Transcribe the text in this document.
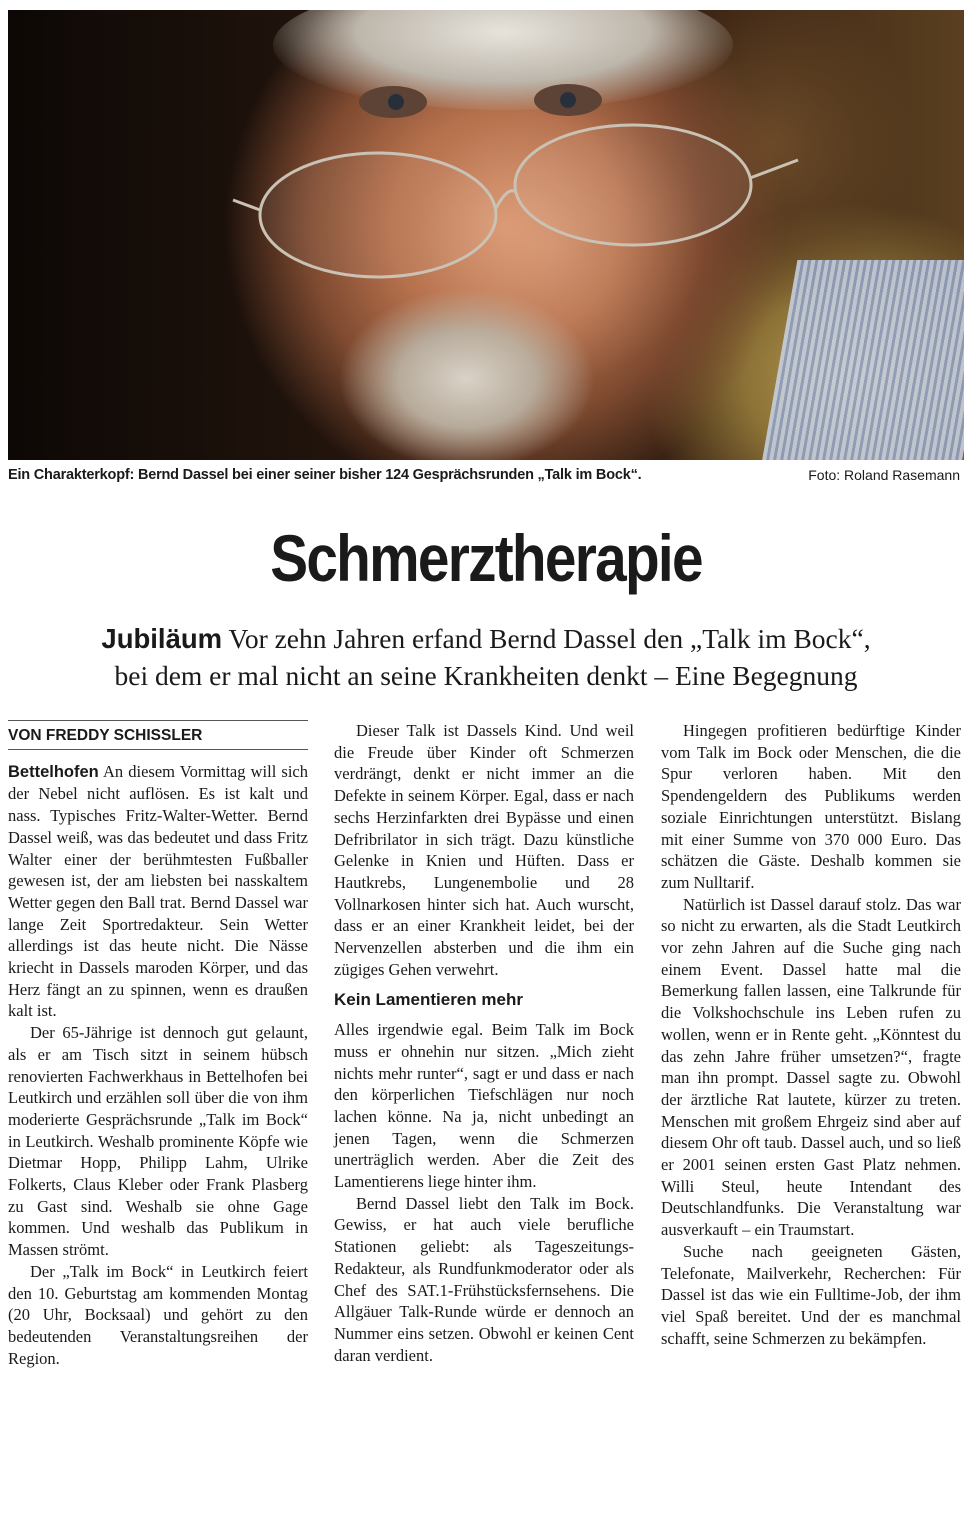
Ein Charakterkopf: Bernd Dassel bei einer seiner bisher 124 Gesprächsrunden „Talk im Bock“.	Foto: Roland Rasemann
Schmerztherapie
Jubiläum Vor zehn Jahren erfand Bernd Dassel den „Talk im Bock“,
bei dem er mal nicht an seine Krankheiten denkt – Eine Begegnung
VON FREDDY SCHISSLER

Bettelhofen An diesem Vormittag will sich der Nebel nicht auflösen. Es ist kalt und nass. Typisches Fritz-Walter-Wetter. Bernd Dassel weiß, was das bedeutet und dass Fritz Walter einer der berühmtesten Fußballer gewesen ist, der am liebsten bei nasskaltem Wetter gegen den Ball trat. Bernd Dassel war lange Zeit Sportredakteur. Sein Wetter allerdings ist das heute nicht. Die Nässe kriecht in Dassels maroden Körper, und das Herz fängt an zu spinnen, wenn es draußen kalt ist.

Der 65-Jährige ist dennoch gut gelaunt, als er am Tisch sitzt in seinem hübsch renovierten Fachwerkhaus in Bettelhofen bei Leutkirch und erzählen soll über die von ihm moderierte Gesprächsrunde „Talk im Bock“ in Leutkirch. Weshalb prominente Köpfe wie Dietmar Hopp, Philipp Lahm, Ulrike Folkerts, Claus Kleber oder Frank Plasberg zu Gast sind. Weshalb sie ohne Gage kommen. Und weshalb das Publikum in Massen strömt.

Der „Talk im Bock“ in Leutkirch feiert den 10. Geburtstag am kommenden Montag (20 Uhr, Bocksaal) und gehört zu den bedeutenden Veranstaltungsreihen der Region.

Dieser Talk ist Dassels Kind. Und weil die Freude über Kinder oft Schmerzen verdrängt, denkt er nicht immer an die Defekte in seinem Körper. Egal, dass er nach sechs Herzinfarkten drei Bypässe und einen Defribrilator in sich trägt. Dazu künstliche Gelenke in Knien und Hüften. Dass er Hautkrebs, Lungenembolie und 28 Vollnarkosen hinter sich hat. Auch wurscht, dass er an einer Krankheit leidet, bei der Nervenzellen absterben und die ihm ein zügiges Gehen verwehrt.

Kein Lamentieren mehr

Alles irgendwie egal. Beim Talk im Bock muss er ohnehin nur sitzen. „Mich zieht nichts mehr runter“, sagt er und dass er nach den körperlichen Tiefschlägen nur noch lachen könne. Na ja, nicht unbedingt an jenen Tagen, wenn die Schmerzen unerträglich werden. Aber die Zeit des Lamentierens liege hinter ihm.

Bernd Dassel liebt den Talk im Bock. Gewiss, er hat auch viele berufliche Stationen geliebt: als Tageszeitungs-Redakteur, als Rundfunkmoderator oder als Chef des SAT.1-Frühstücksfernsehens. Die Allgäuer Talk-Runde würde er dennoch an Nummer eins setzen. Obwohl er keinen Cent daran verdient.

Hingegen profitieren bedürftige Kinder vom Talk im Bock oder Menschen, die die Spur verloren haben. Mit den Spendengeldern des Publikums werden soziale Einrichtungen unterstützt. Bislang mit einer Summe von 370 000 Euro. Das schätzen die Gäste. Deshalb kommen sie zum Nulltarif.

Natürlich ist Dassel darauf stolz. Das war so nicht zu erwarten, als die Stadt Leutkirch vor zehn Jahren auf die Suche ging nach einem Event. Dassel hatte mal die Bemerkung fallen lassen, eine Talkrunde für die Volkshochschule ins Leben rufen zu wollen, wenn er in Rente geht. „Könntest du das zehn Jahre früher umsetzen?“, fragte man ihn prompt. Dassel sagte zu. Obwohl der ärztliche Rat lautete, kürzer zu treten. Menschen mit großem Ehrgeiz sind aber auf diesem Ohr oft taub. Dassel auch, und so ließ er 2001 seinen ersten Gast Platz nehmen. Willi Steul, heute Intendant des Deutschlandfunks. Die Veranstaltung war ausverkauft – ein Traumstart.

Suche nach geeigneten Gästen, Telefonate, Mailverkehr, Recherchen: Für Dassel ist das wie ein Fulltime-Job, der ihm viel Spaß bereitet. Und der es manchmal schafft, seine Schmerzen zu bekämpfen.
